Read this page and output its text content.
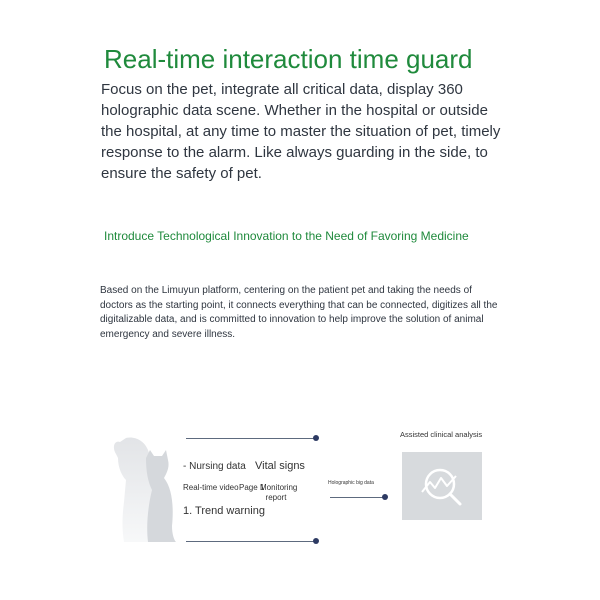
Real-time interaction time guard
Focus on the pet, integrate all critical data, display 360 holographic data scene. Whether in the hospital or outside the hospital, at any time to master the situation of pet, timely response to the alarm. Like always guarding in the side, to ensure the safety of pet.
Introduce Technological Innovation to the Need of Favoring Medicine
Based on the Limuyun platform, centering on the patient pet and taking the needs of doctors as the starting point, it connects everything that can be connected, digitizes all the digitalizable data, and is committed to innovation to help improve the solution of animal emergency and severe illness.
- Nursing data Vital signs
Real-time video Page 1
Monitoring report
Holographic big data
1. Trend warning
Assisted clinical analysis
